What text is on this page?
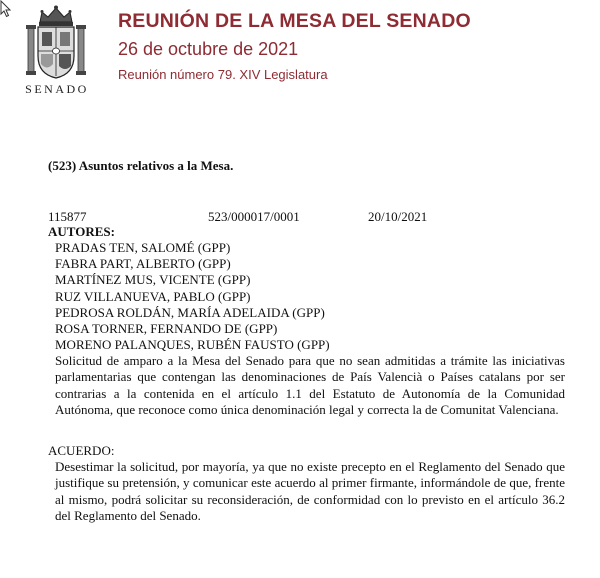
SENADO
REUNIÓN DE LA MESA DEL SENADO
26 de octubre de 2021
Reunión número 79. XIV Legislatura
(523) Asuntos relativos a la Mesa.
115877	523/000017/0001	20/10/2021
AUTORES:
PRADAS TEN, SALOMÉ (GPP)
FABRA PART, ALBERTO (GPP)
MARTÍNEZ MUS, VICENTE (GPP)
RUZ VILLANUEVA, PABLO (GPP)
PEDROSA ROLDÁN, MARÍA ADELAIDA (GPP)
ROSA TORNER, FERNANDO DE (GPP)
MORENO PALANQUES, RUBÉN FAUSTO (GPP)

Solicitud de amparo a la Mesa del Senado para que no sean admitidas a trámite las iniciativas parlamentarias que contengan las denominaciones de País Valencià o Países catalans por ser contrarias a la contenida en el artículo 1.1 del Estatuto de Autonomía de la Comunidad Autónoma, que reconoce como única denominación legal y correcta la de Comunitat Valenciana.

ACUERDO:

Desestimar la solicitud, por mayoría, ya que no existe precepto en el Reglamento del Senado que justifique su pretensión, y comunicar este acuerdo al primer firmante, informándole de que, frente al mismo, podrá solicitar su reconsideración, de conformidad con lo previsto en el artículo 36.2 del Reglamento del Senado.
